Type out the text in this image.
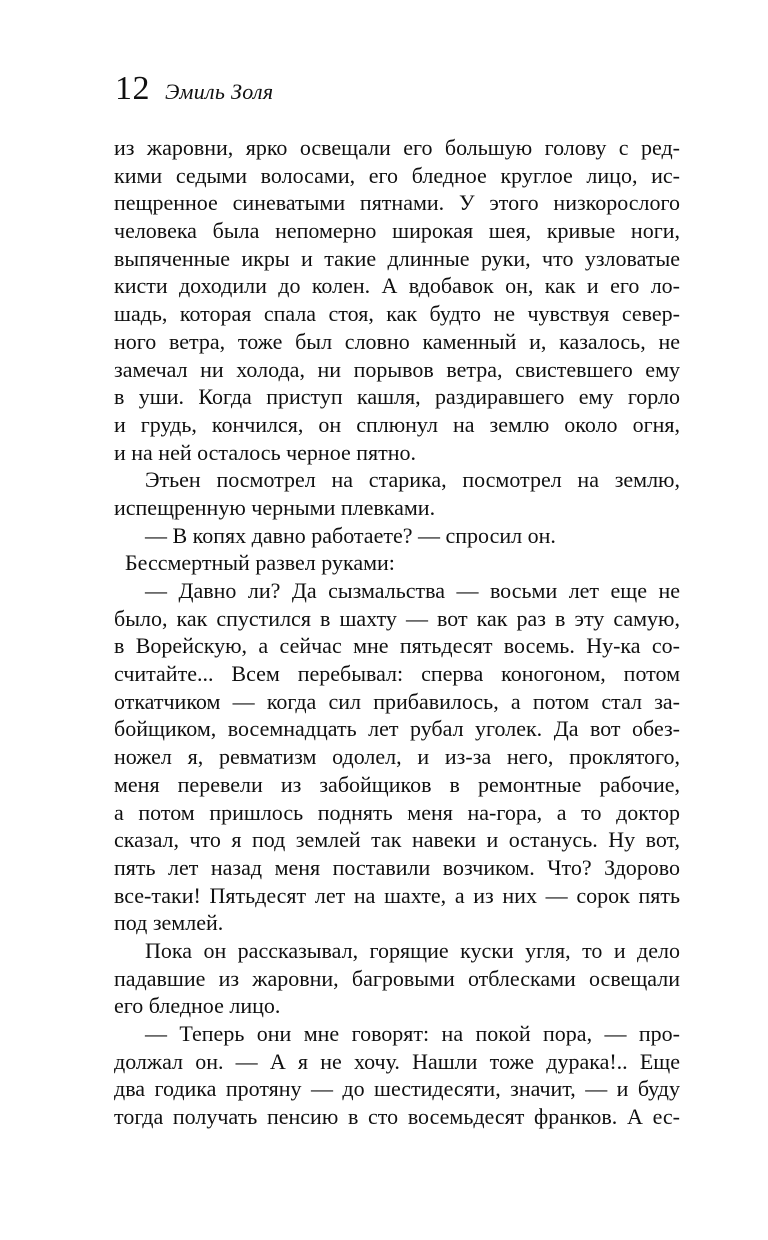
12 Эмиль Золя
из жаровни, ярко освещали его большую голову с ред-
кими седыми волосами, его бледное круглое лицо, ис-
пещренное синеватыми пятнами. У этого низкорослого
человека была непомерно широкая шея, кривые ноги,
выпяченные икры и такие длинные руки, что узловатые
кисти доходили до колен. А вдобавок он, как и его ло-
шадь, которая спала стоя, как будто не чувствуя север-
ного ветра, тоже был словно каменный и, казалось, не
замечал ни холода, ни порывов ветра, свистевшего ему
в уши. Когда приступ кашля, раздиравшего ему горло
и грудь, кончился, он сплюнул на землю около огня,
и на ней осталось черное пятно.
Этьен посмотрел на старика, посмотрел на землю,
испещренную черными плевками.
— В копях давно работаете? — спросил он.
Бессмертный развел руками:
— Давно ли? Да сызмальства — восьми лет еще не
было, как спустился в шахту — вот как раз в эту самую,
в Ворейскую, а сейчас мне пятьдесят восемь. Ну-ка со-
считайте... Всем перебывал: сперва коногоном, потом
откатчиком — когда сил прибавилось, а потом стал за-
бойщиком, восемнадцать лет рубал уголек. Да вот обез-
ножел я, ревматизм одолел, и из-за него, проклятого,
меня перевели из забойщиков в ремонтные рабочие,
а потом пришлось поднять меня на-гора, а то доктор
сказал, что я под землей так навеки и останусь. Ну вот,
пять лет назад меня поставили возчиком. Что? Здорово
все-таки! Пятьдесят лет на шахте, а из них — сорок пять
под землей.
Пока он рассказывал, горящие куски угля, то и дело
падавшие из жаровни, багровыми отблесками освещали
его бледное лицо.
— Теперь они мне говорят: на покой пора, — про-
должал он. — А я не хочу. Нашли тоже дурака!.. Еще
два годика протяну — до шестидесяти, значит, — и буду
тогда получать пенсию в сто восемьдесят франков. А ес-
